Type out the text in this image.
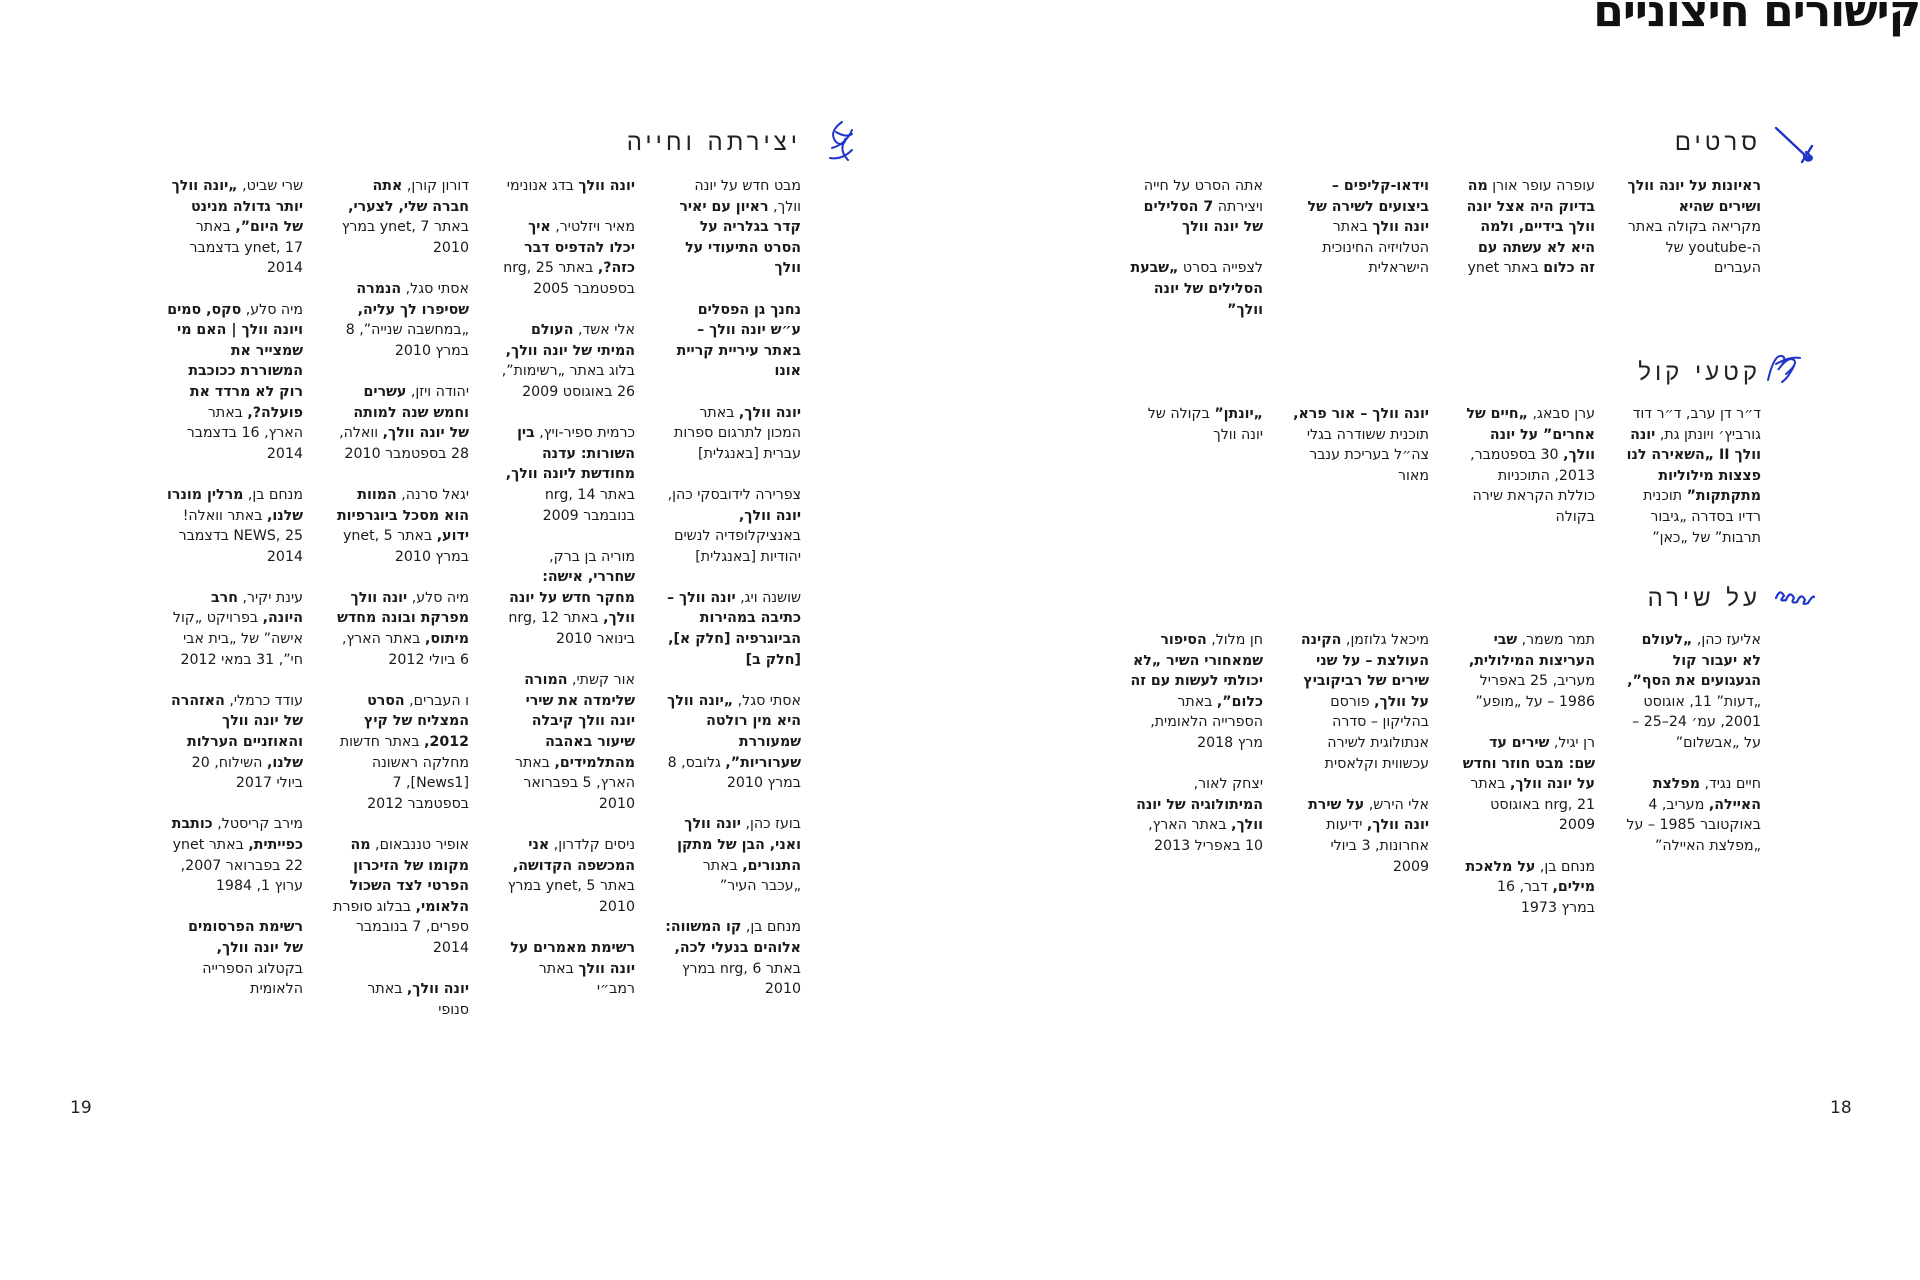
קישורים חיצוניים
סרטים
ראיונות על יונה וולך ושירים שהיא מקריאה בקולה באתר ה-youtube של העברים
עופרה עופר אורן מה בדיוק היה אצל יונה וולך בידיים, ולמה היא לא עשתה עם זה כלום באתר ynet
וידאו-קליפים – ביצועים לשירה של יונה וולך באתר הטלויזיה החינוכית הישראלית
אתה הסרט על חייה ויצירתה 7 הסלילים של יונה וולך
לצפייה בסרט „שבעת הסלילים של יונה וולך”
קטעי קול
ד״ר דן ערב, ד״ר דוד גורביץ׳ ויונתן גת, יונה וולך II „השאירה לנו פצצות מילוליות מתקתקות” תוכנית רדיו בסדרה „גיבור תרבות” של „כאן”
ערן סבאג, „חיים של אחרים” על יונה וולך, 30 בספטמבר, 2013, התוכניות כוללת הקראת שירה בקולה
יונה וולך – אור פרא, תוכנית ששודרה בגלי צה״ל בעריכת ענבר מאור
„יונתן” בקולה של יונה וולך
על שירה
אליעז כהן, „לעולם לא יעבור קול הגעגועים את הסף”, „דעות” 11, אוגוסט 2001, עמ׳ 24–25 – על „אבשלום”
חיים נגיד, מפלצת האיילה, מעריב, 4 באוקטובר 1985 – על „מפלצת האיילה”
תמר משמר, שבי העריצות המילולית, מעריב, 25 באפריל 1986 – על „מופע”
רן יגיל, שירים עד שם: מבט חוזר וחדש על יונה וולך, באתר nrg, 21 באוגוסט 2009
מנחם בן, על מלאכת מילים, דבר, 16 במרץ 1973
מיכאל גלוזמן, הקינה העולצת – על שני שירים של רביקוביץ על וולך, פורסם בהליקון – סדרה אנתולוגית לשירה עכשווית וקלאסית
אלי הירש, על שירת יונה וולך, ידיעות אחרונות, 3 ביולי 2009
חן מלול, הסיפור שמאחורי השיר „לא יכולתי לעשות עם זה כלום”, באתר הספרייה הלאומית, מרץ 2018
יצחק לאור, המיתולוגיה של יונה וולך, באתר הארץ, 10 באפריל 2013
יצירתה וחייה
מבט חדש על יונה וולך, ראיון עם יאיר קדר בגלריה על הסרט התיעודי על וולך
נחנך גן הפסלים ע״ש יונה וולך – באתר עיריית קריית אונו
יונה וולך, באתר המכון לתרגום ספרות עברית [באנגלית]
צפרירה לידובסקי כהן, יונה וולך, באנציקלופדיה לנשים יהודיות [באנגלית]
שושנה ויג, יונה וולך – כתיבה במהירות הביוגרפיה [חלק א], [חלק ב]
אסתי סגל, „יונה וולך היא מין רולטה שמעוררת שערוריות”, גלובס, 8 במרץ 2010
בועז כהן, יונה וולך ואני, הבן של מתקן התנורים, באתר „עכבר העיר”
מנחם בן, קו המשווה: אלוהים בנעלי לכה, באתר nrg, 6 במרץ 2010
יונה וולך בדג אנונימי
מאיר ויזלטיר, איך יכלו להדפיס דבר כזה?, באתר nrg, 25 בספטמבר 2005
אלי אשד, העולם המיתי של יונה וולך, בלוג באתר „רשימות”, 26 באוגוסט 2009
כרמית ספיר-ויץ, בין השורות: עדנה מחודשת ליונה וולך, באתר nrg, 14 בנובמבר 2009
מוריה בן ברק, שחררי, אישה: מחקר חדש על יונה וולך, באתר nrg, 12 בינואר 2010
אור קשתי, המורה שלימדה את שירי יונה וולך קיבלה שיעור באהבה מהתלמידים, באתר הארץ, 5 בפברואר 2010
ניסים קלדרון, אני המכשפה הקדושה, באתר ynet, 5 במרץ 2010
רשימת מאמרים על יונה וולך באתר רמב״י
דורון קורן, אתה חברה שלי, לצערי, באתר ynet, 7 במרץ 2010
אסתי סגל, הנמרה שסיפרו לך עליה, „במחשבה שנייה”, 8 במרץ 2010
יהודה ויזן, עשרים וחמש שנה למותה של יונה וולך, וואלה, 28 בספטמבר 2010
יגאל סרנה, המוות הוא מסכל ביוגרפיות ידוע, באתר ynet, 5 במרץ 2010
מיה סלע, יונה וולך מפרקת ובונה מחדש מיתוס, באתר הארץ, 6 ביולי 2012
ו העברים, הסרט המצליח של קיץ 2012, באתר חדשות מחלקה ראשונה [News1], 7 בספטמבר 2012
אופיר טננבאום, מה מקומו של הזיכרון הפרטי לצד השכול הלאומי, בבלוג סופרת ספרים, 7 בנובמבר 2014
יונה וולך, באתר סנופי
שרי שביט, „יונה וולך יותר גדולה מנינט של היום”, באתר ynet, 17 בדצמבר 2014
מיה סלע, סקס, סמים ויונה וולך | האם מי שמצייר את המשוררת ככוכבת רוק לא מרדד את פועלה?, באתר הארץ, 16 בדצמבר 2014
מנחם בן, מרלין מונרו שלנו, באתר וואלה! NEWS, 25 בדצמבר 2014
עינת יקיר, חרב היונה, בפרויקט „קול אישה” של „בית אבי חי”, 31 במאי 2012
עודד כרמלי, האזהרה של יונה וולך והאוזניים הערלות שלנו, השילוח, 20 ביולי 2017
מירב קריסטל, כותבת כפייתית, באתר ynet 22 בפברואר 2007, ערוץ 1, 1984
רשימת הפרסומים של יונה וולך, בקטלוג הספרייה הלאומית
18
19
